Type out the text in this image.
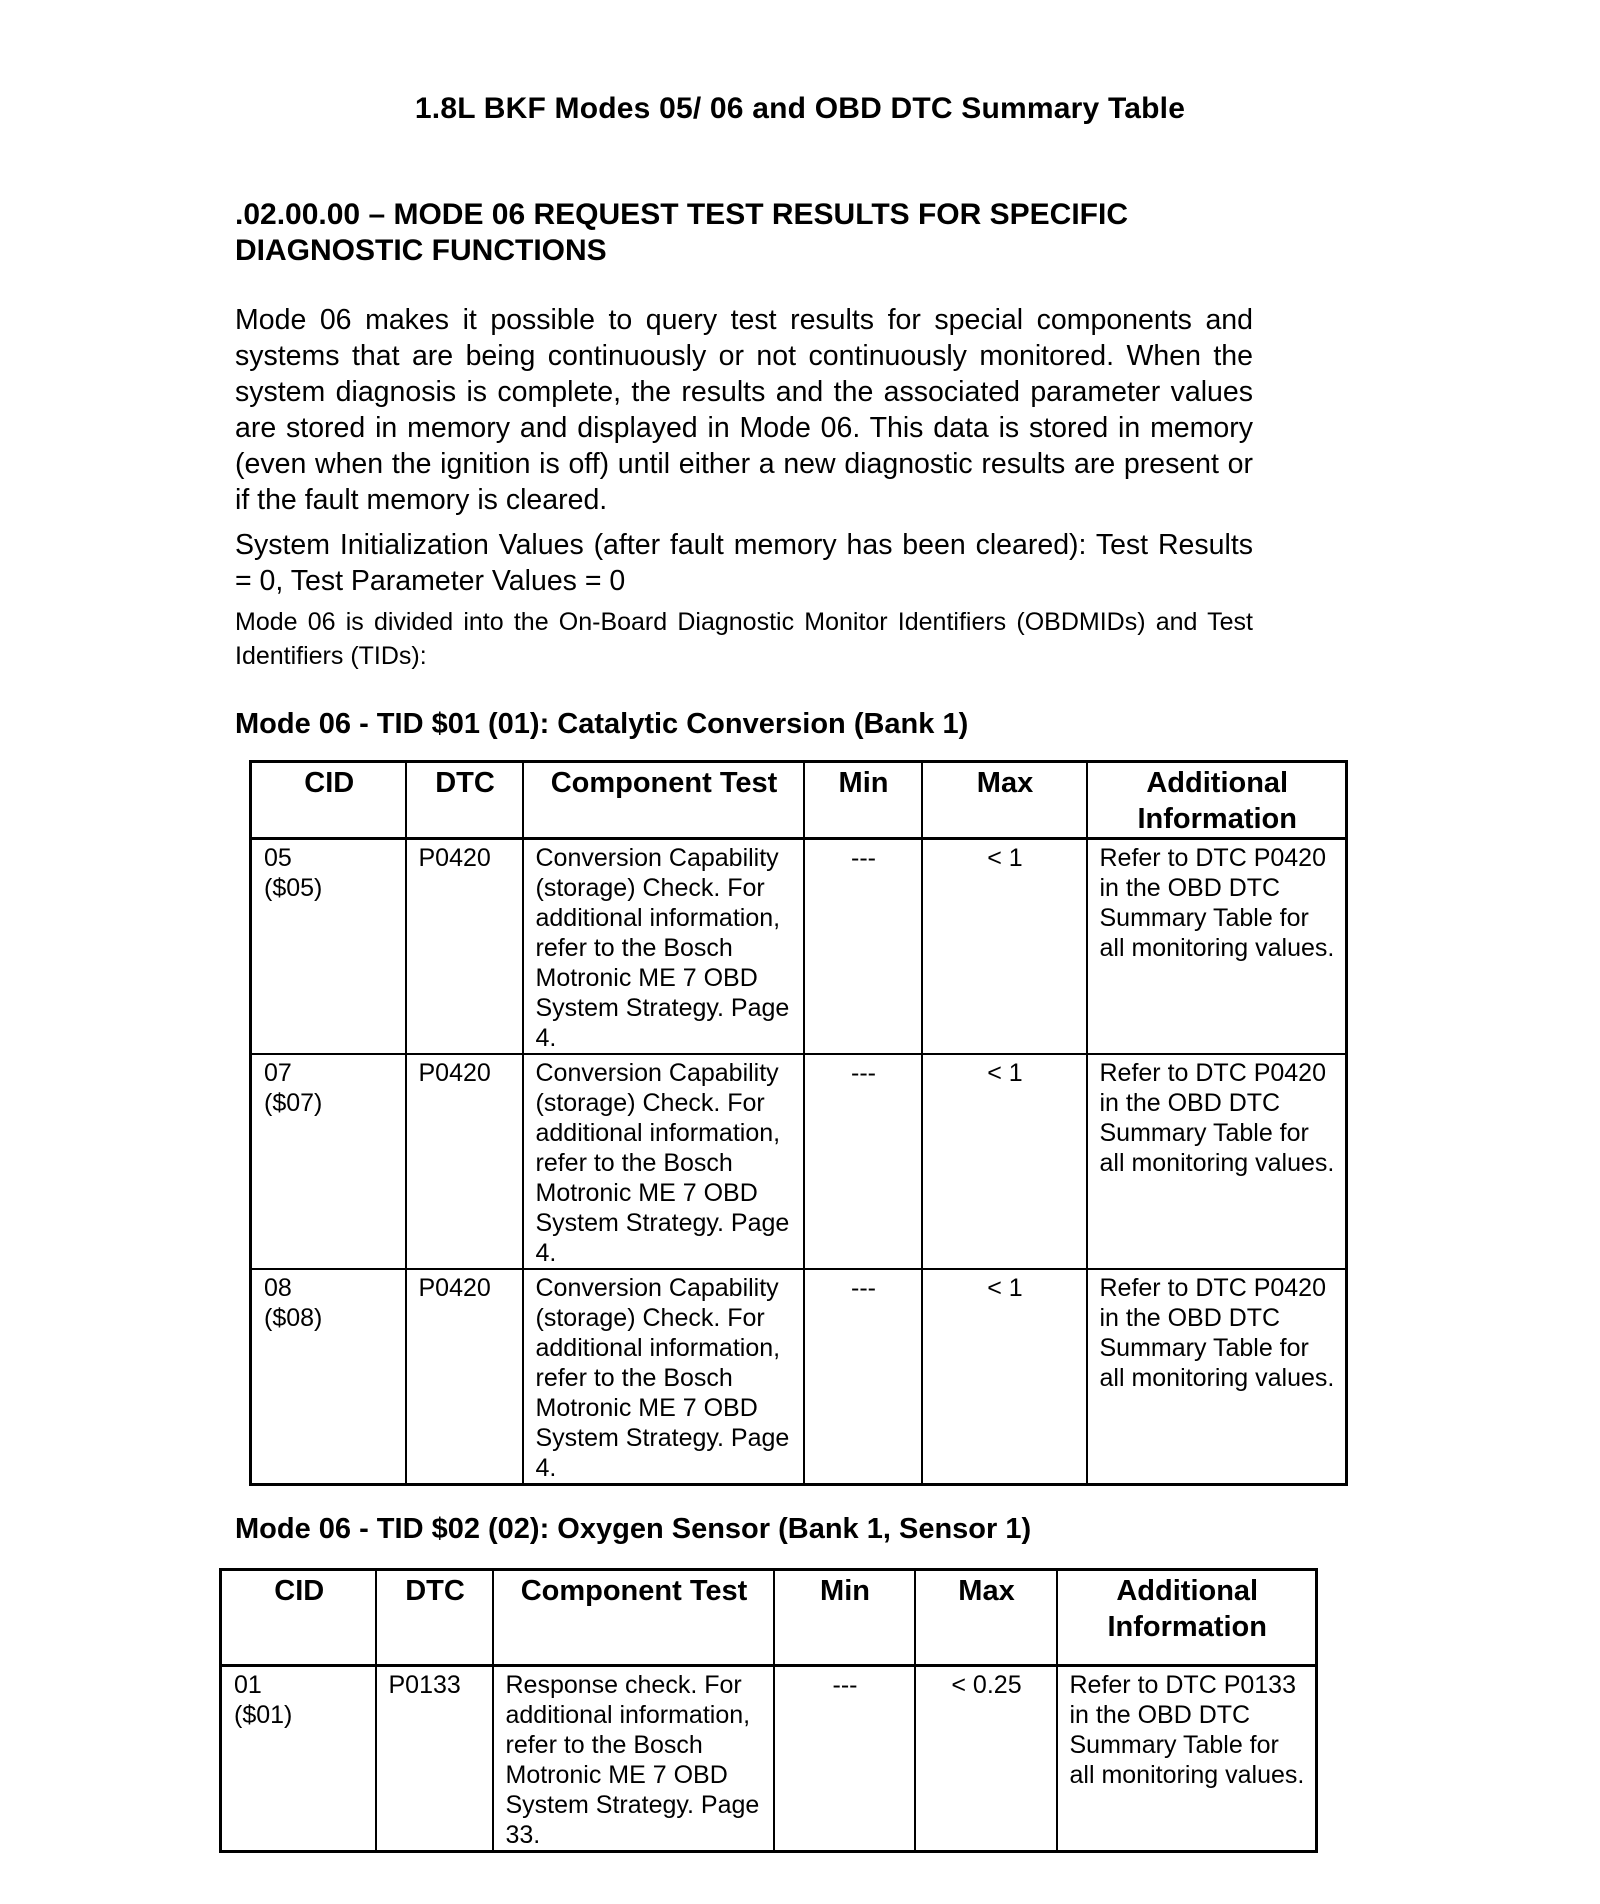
1.8L BKF Modes 05/ 06 and OBD DTC Summary Table
.02.00.00 – MODE 06 REQUEST TEST RESULTS FOR SPECIFIC DIAGNOSTIC FUNCTIONS

Mode 06 makes it possible to query test results for special components and systems that are being continuously or not continuously monitored. When the system diagnosis is complete, the results and the associated parameter values are stored in memory and displayed in Mode 06. This data is stored in memory (even when the ignition is off) until either a new diagnostic results are present or if the fault memory is cleared.

System Initialization Values (after fault memory has been cleared): Test Results = 0, Test Parameter Values = 0

Mode 06 is divided into the On-Board Diagnostic Monitor Identifiers (OBDMIDs) and Test Identifiers (TIDs):

Mode 06 - TID $01 (01): Catalytic Conversion (Bank 1)
CID	DTC	Component Test	Min	Max	Additional Information
05
($05)	P0420	Conversion Capability (storage) Check. For additional information, refer to the Bosch Motronic ME 7 OBD System Strategy. Page 4.	---	< 1	Refer to DTC P0420 in the OBD DTC Summary Table for all monitoring values.
07
($07)	P0420	Conversion Capability (storage) Check. For additional information, refer to the Bosch Motronic ME 7 OBD System Strategy. Page 4.	---	< 1	Refer to DTC P0420 in the OBD DTC Summary Table for all monitoring values.
08
($08)	P0420	Conversion Capability (storage) Check. For additional information, refer to the Bosch Motronic ME 7 OBD System Strategy. Page 4.	---	< 1	Refer to DTC P0420 in the OBD DTC Summary Table for all monitoring values.
Mode 06 - TID $02 (02): Oxygen Sensor (Bank 1, Sensor 1)
CID	DTC	Component Test	Min	Max	Additional Information
01
($01)	P0133	Response check. For additional information, refer to the Bosch Motronic ME 7 OBD System Strategy. Page 33.	---	< 0.25	Refer to DTC P0133 in the OBD DTC Summary Table for all monitoring values.
